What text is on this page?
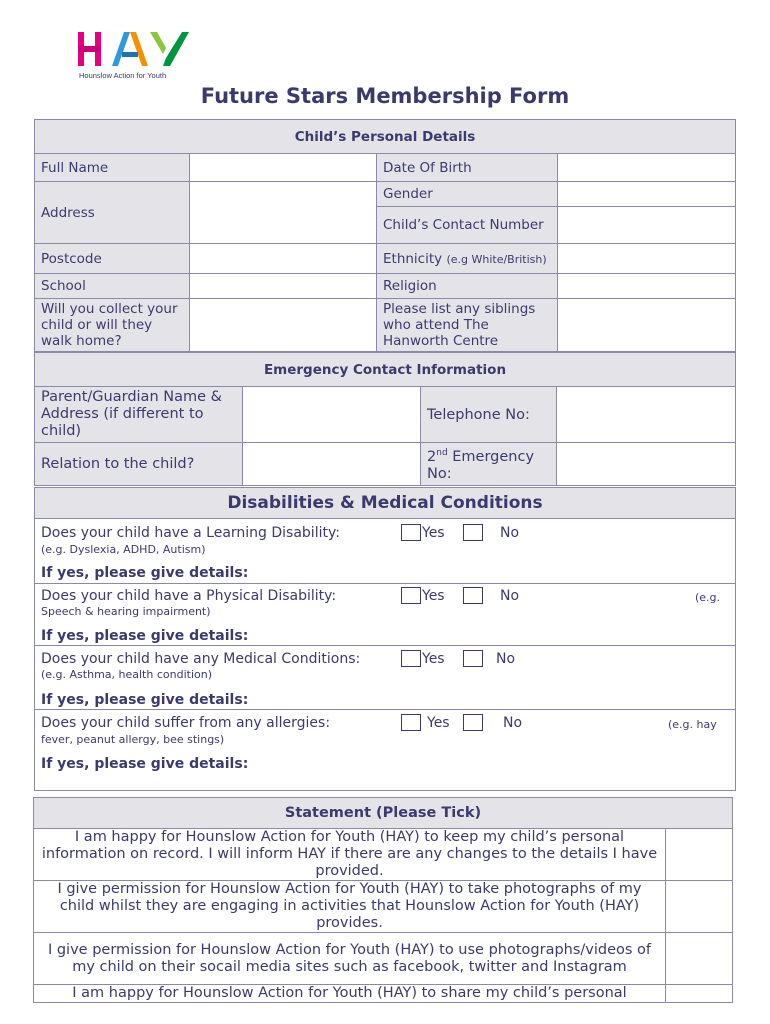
Hounslow Action for Youth
Future Stars Membership Form
Child’s Personal Details			
Full Name		Date Of Birth	
Address		Gender	
		Child’s Contact Number	
Postcode		Ethnicity (e.g White/British)	
School		Religion	
Will you collect your child or will they walk home?		Please list any siblings who attend The Hanworth Centre	
Emergency Contact Information			
Parent/Guardian Name & Address (if different to child)		Telephone No:	
Relation to the child?		2nd Emergency No:	
Disabilities & Medical Conditions
Does your child have a Learning Disability:	Yes	No
(e.g. Dyslexia, ADHD, Autism)
If yes, please give details:
Does your child have a Physical Disability:	Yes	No	(e.g.
Speech & hearing impairment)
If yes, please give details:
Does your child have any Medical Conditions:	Yes	No
(e.g. Asthma, health condition)
If yes, please give details:
Does your child suffer from any allergies:	Yes	No	(e.g. hay
fever, peanut allergy, bee stings)
If yes, please give details:
Statement (Please Tick)	
I am happy for Hounslow Action for Youth (HAY) to keep my child’s personal information on record. I will inform HAY if there are any changes to the details I have provided.	
I give permission for Hounslow Action for Youth (HAY) to take photographs of my child whilst they are engaging in activities that Hounslow Action for Youth (HAY) provides.	
I give permission for Hounslow Action for Youth (HAY) to use photographs/videos of my child on their socail media sites such as facebook, twitter and Instagram	
I am happy for Hounslow Action for Youth (HAY) to share my child’s personal	
